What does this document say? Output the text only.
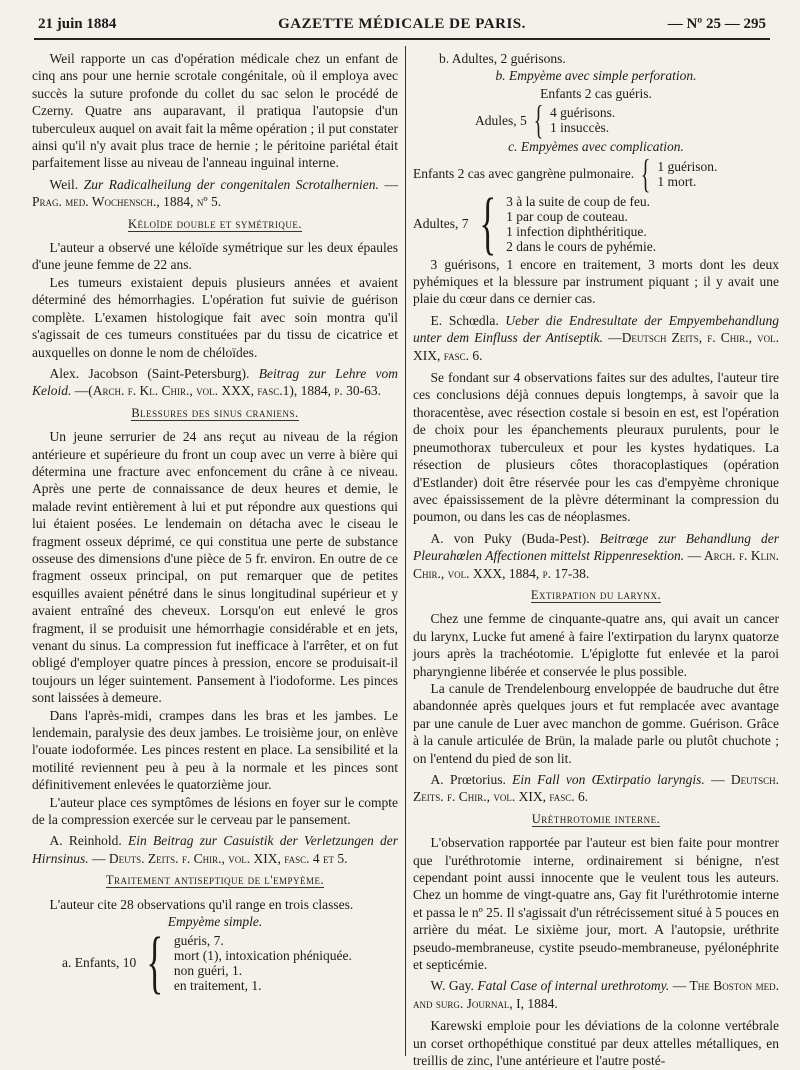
21 juin 1884	GAZETTE MÉDICALE DE PARIS.	— Nº 25 — 295

Weil rapporte un cas d'opération médicale chez un enfant de cinq ans pour une hernie scrotale congénitale, où il employa avec succès la suture profonde du collet du sac selon le procédé de Czerny. Quatre ans auparavant, il pratiqua l'autopsie d'un tuberculeux auquel on avait fait la même opération ; il put constater ainsi qu'il n'y avait plus trace de hernie ; le péritoine pariétal était parfaitement lisse au niveau de l'anneau inguinal interne.

Weil. Zur Radicalheilung der congenitalen Scrotalhernien. — Prag. med. Wochensch., 1884, nº 5.
Kéloïde double et symétrique.

L'auteur a observé une kéloïde symétrique sur les deux épaules d'une jeune femme de 22 ans.

Les tumeurs existaient depuis plusieurs années et avaient déterminé des hémorrhagies. L'opération fut suivie de guérison complète. L'examen histologique fait avec soin montra qu'il s'agissait de ces tumeurs constituées par du tissu de cicatrice et auxquelles on donne le nom de chéloïdes.

Alex. Jacobson (Saint-Petersburg). Beitrag zur Lehre vom Keloid. —(Arch. f. Kl. Chir., vol. XXX, fasc.1), 1884, p. 30-63.
Blessures des sinus craniens.

Un jeune serrurier de 24 ans reçut au niveau de la région antérieure et supérieure du front un coup avec un verre à bière qui détermina une fracture avec enfoncement du crâne à ce niveau. Après une perte de connaissance de deux heures et demie, le malade revint entièrement à lui et put répondre aux questions qui lui étaient posées. Le lendemain on détacha avec le ciseau le fragment osseux déprimé, ce qui constitua une perte de substance osseuse des dimensions d'une pièce de 5 fr. environ. En outre de ce fragment osseux principal, on put remarquer que de petites esquilles avaient pénétré dans le sinus longitudinal supérieur et y avaient entraîné des cheveux. Lorsqu'on eut enlevé le gros fragment, il se produisit une hémorrhagie considérable et en jets, venant du sinus. La compression fut inefficace à l'arrêter, et on fut obligé d'employer quatre pinces à pression, encore se produisait-il toujours un léger suintement. Pansement à l'iodoforme. Les pinces sont laissées à demeure.

Dans l'après-midi, crampes dans les bras et les jambes. Le lendemain, paralysie des deux jambes. Le troisième jour, on enlève l'ouate iodoformée. Les pinces restent en place. La sensibilité et la motilité reviennent peu à peu à la normale et les pinces sont définitivement enlevées le quatorzième jour.

L'auteur place ces symptômes de lésions en foyer sur le compte de la compression exercée sur le cerveau par le pansement.

A. Reinhold. Ein Beitrag zur Casuistik der Verletzungen der Hirnsinus. — Deuts. Zeits. f. Chir., vol. XIX, fasc. 4 et 5.
Traitement antiseptique de l'empyème.

L'auteur cite 28 observations qu'il range en trois classes.

Empyème simple.
a. Enfants, 10 { guéris, 7.
mort (1), intoxication phéniquée.
non guéri, 1.
en traitement, 1.
b. Adultes, 2 guérisons.
b. Empyème avec simple perforation.
Enfants 2 cas guéris.
Adules, 5 { 4 guérisons.
1 insuccès.
c. Empyèmes avec complication.
Enfants 2 cas avec gangrène pulmonaire. { 1 guérison.
1 mort.
Adultes, 7 { 3 à la suite de coup de feu.
1 par coup de couteau.
1 infection diphthéritique.
2 dans le cours de pyhémie.

3 guérisons, 1 encore en traitement, 3 morts dont les deux pyhémiques et la blessure par instrument piquant ; il y avait une plaie du cœur dans ce dernier cas.

E. Schœdla. Ueber die Endresultate der Empyembehandlung unter dem Einfluss der Antiseptik. —Deutsch Zeits, f. Chir., vol. XIX, fasc. 6.

Se fondant sur 4 observations faites sur des adultes, l'auteur tire ces conclusions déjà connues depuis longtemps, à savoir que la thoracentèse, avec résection costale si besoin en est, est l'opération de choix pour les épanchements pleuraux purulents, pour le pneumothorax tuberculeux et pour les kystes hydatiques. La résection de plusieurs côtes thoracoplastiques (opération d'Estlander) doit être réservée pour les cas d'empyème chronique avec épaississement de la plèvre déterminant la compression du poumon, ou dans les cas de néoplasmes.

A. von Puky (Buda-Pest). Beitrœge zur Behandlung der Pleurahœlen Affectionen mittelst Rippenresektion. — Arch. f. Klin. Chir., vol. XXX, 1884, p. 17-38.
Extirpation du larynx.

Chez une femme de cinquante-quatre ans, qui avait un cancer du larynx, Lucke fut amené à faire l'extirpation du larynx quatorze jours après la trachéotomie. L'épiglotte fut enlevée et la paroi pharyngienne libérée et conservée le plus possible.

La canule de Trendelenbourg enveloppée de baudruche dut être abandonnée après quelques jours et fut remplacée avec avantage par une canule de Luer avec manchon de gomme. Guérison. Grâce à la canule articulée de Brün, la malade parle ou plutôt chuchote ; on l'entend du pied de son lit.

A. Prœtorius. Ein Fall von Œxtirpatio laryngis. — Deutsch. Zeits. f. Chir., vol. XIX, fasc. 6.
Uréthrotomie interne.

L'observation rapportée par l'auteur est bien faite pour montrer que l'uréthrotomie interne, ordinairement si bénigne, n'est cependant point aussi innocente que le veulent tous les auteurs. Chez un homme de vingt-quatre ans, Gay fit l'uréthrotomie interne et passa le nº 25. Il s'agissait d'un rétrécissement situé à 5 pouces en arrière du méat. Le sixième jour, mort. A l'autopsie, uréthrite pseudo-membraneuse, cystite pseudo-membraneuse, pyélonéphrite et septicémie.

W. Gay. Fatal Case of internal urethrotomy. — The Boston med. and surg. Journal, I, 1884.

Karewski emploie pour les déviations de la colonne vertébrale un corset orthopéthique constitué par deux attelles métalliques, en treillis de zinc, l'une antérieure et l'autre posté-
